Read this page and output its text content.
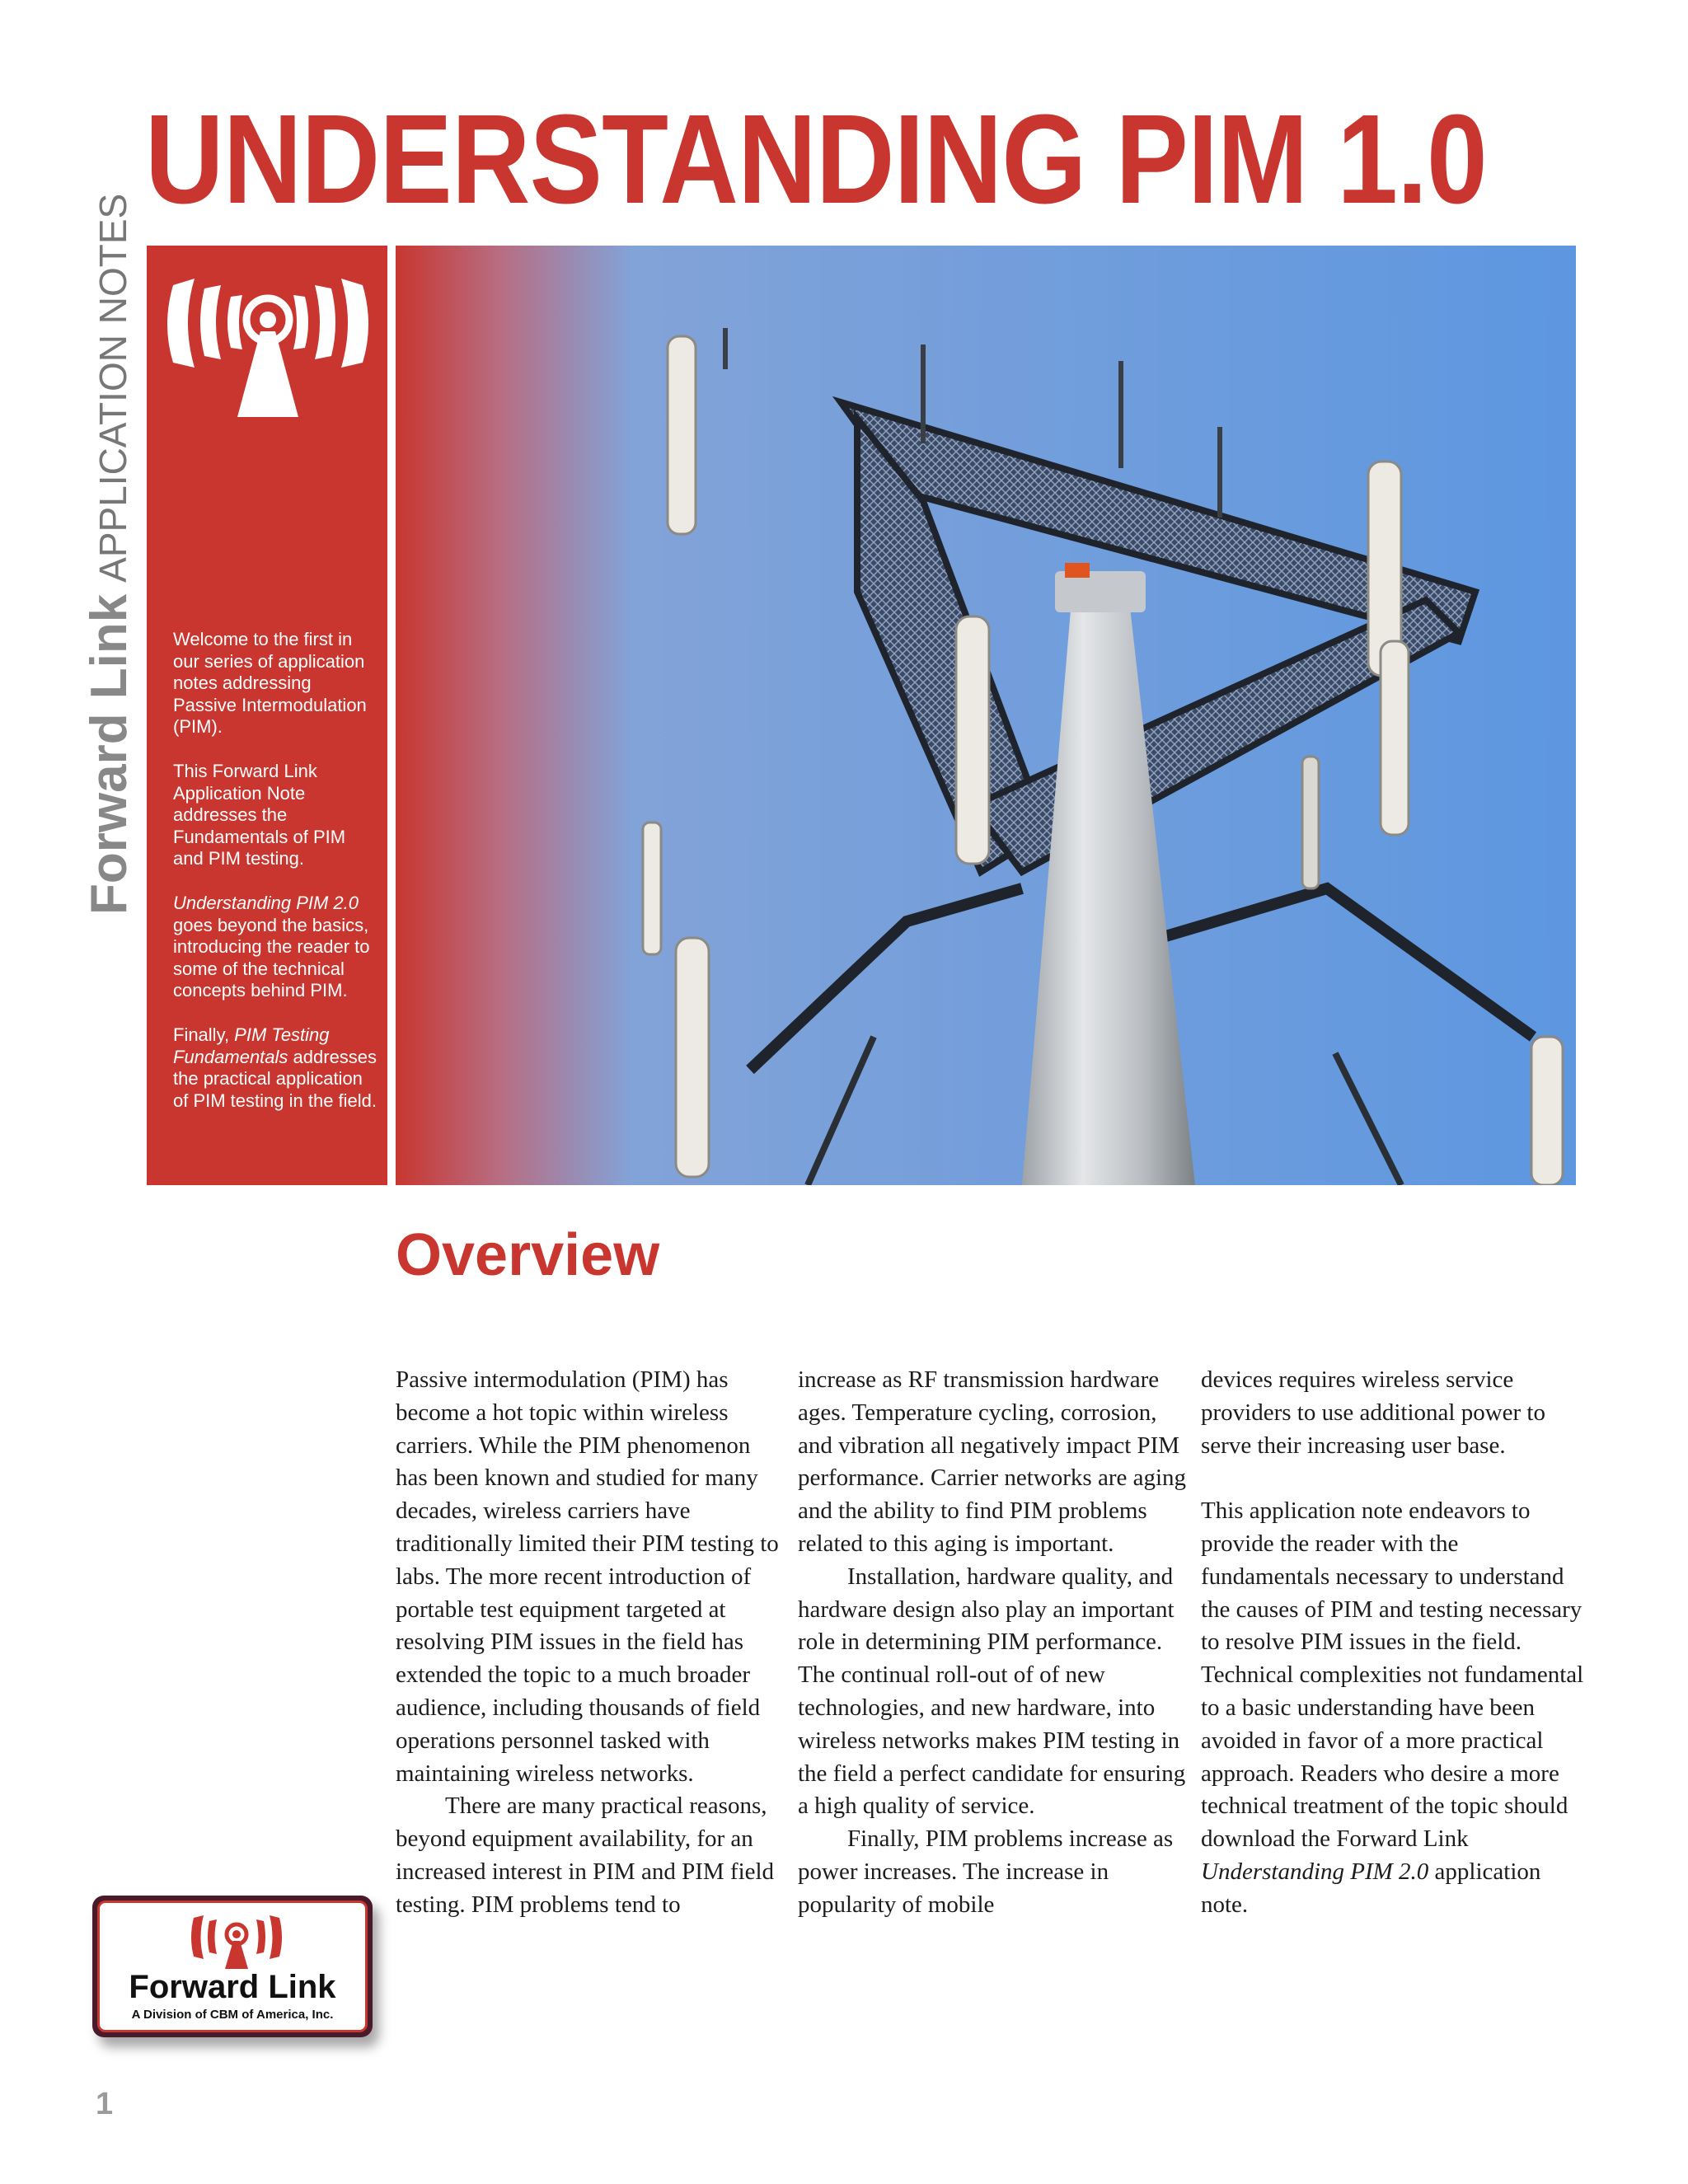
UNDERSTANDING PIM 1.0
Forward Link APPLICATION NOTES

Welcome to the first in our series of application notes addressing Passive Intermodulation (PIM).

This Forward Link Application Note addresses the Fundamentals of PIM and PIM testing.

Understanding PIM 2.0 goes beyond the basics, introducing the reader to some of the technical concepts behind PIM.

Finally, PIM Testing Fundamentals addresses the practical application of PIM testing in the field.

Overview

Passive intermodulation (PIM) has become a hot topic within wireless carriers. While the PIM phenomenon has been known and studied for many decades, wireless carriers have traditionally limited their PIM testing to labs. The more recent introduction of portable test equipment targeted at resolving PIM issues in the field has extended the topic to a much broader audience, including thousands of field operations personnel tasked with maintaining wireless networks.

There are many practical reasons, beyond equipment availability, for an increased interest in PIM and PIM field testing. PIM problems tend to

increase as RF transmission hardware ages. Temperature cycling, corrosion, and vibration all negatively impact PIM performance. Carrier networks are aging and the ability to find PIM problems related to this aging is important.

Installation, hardware quality, and hardware design also play an important role in determining PIM performance. The continual roll-out of of new technologies, and new hardware, into wireless networks makes PIM testing in the field a perfect candidate for ensuring a high quality of service.

Finally, PIM problems increase as power increases. The increase in popularity of mobile

devices requires wireless service providers to use additional power to serve their increasing user base.

This application note endeavors to provide the reader with the fundamentals necessary to understand the causes of PIM and testing necessary to resolve PIM issues in the field. Technical complexities not fundamental to a basic understanding have been avoided in favor of a more practical approach. Readers who desire a more technical treatment of the topic should download the Forward Link Understanding PIM 2.0 application note.

Forward Link
A Division of CBM of America, Inc.
1
